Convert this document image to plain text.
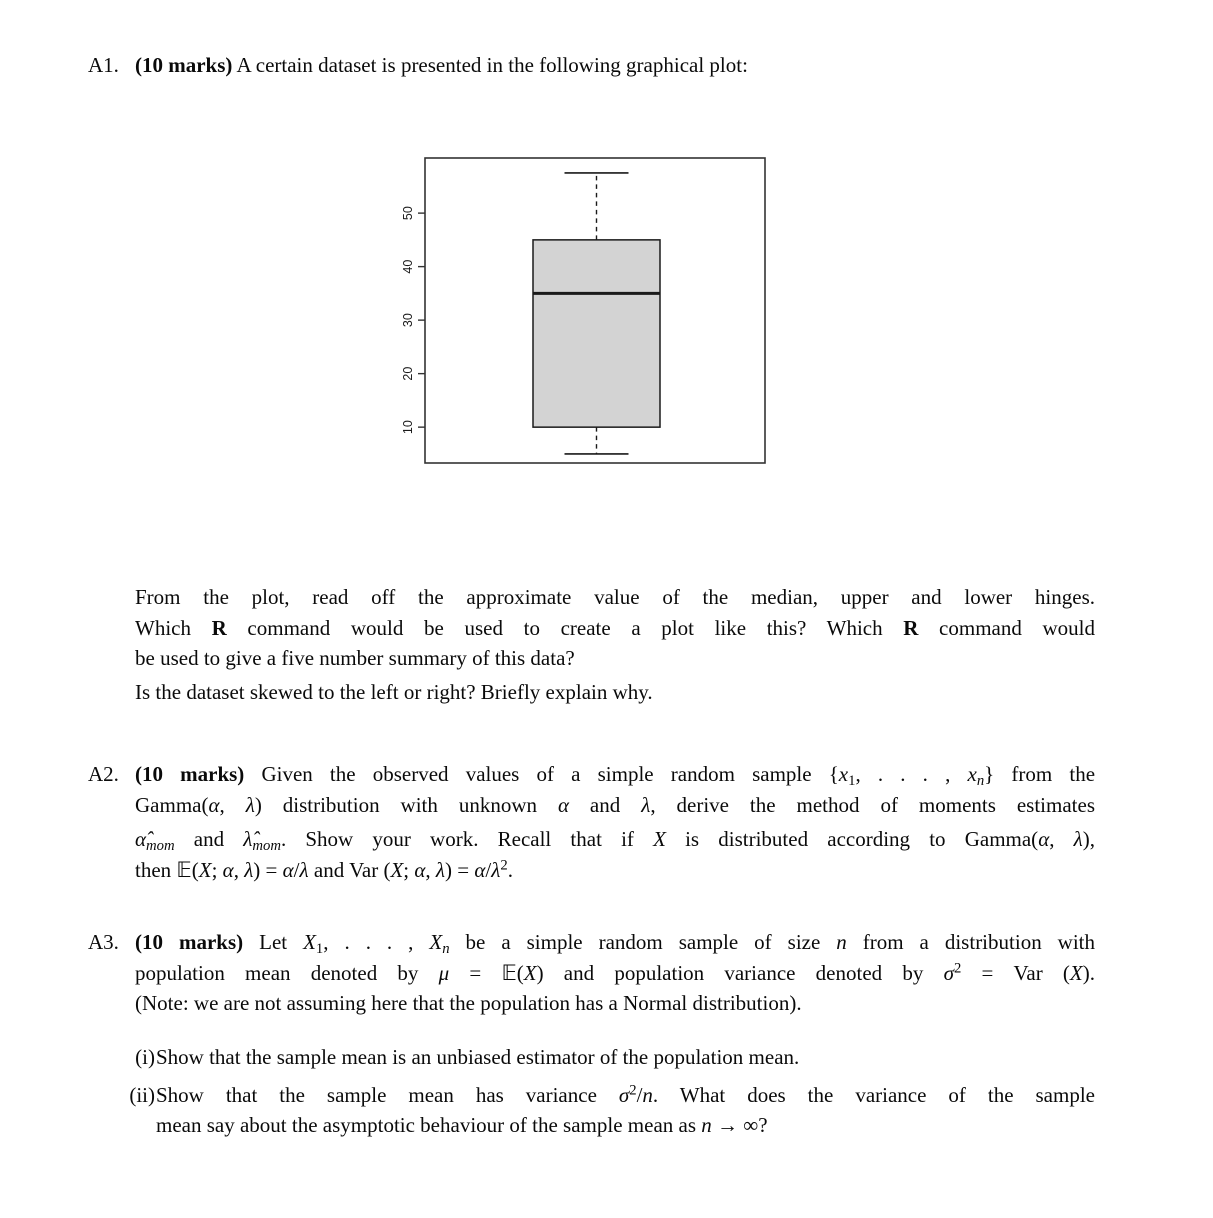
A1. (10 marks) A certain dataset is presented in the following graphical plot:
10
20
30
40
50
From the plot, read off the approximate value of the median, upper and lower hinges.
Which R command would be used to create a plot like this? Which R command would
be used to give a five number summary of this data?
Is the dataset skewed to the left or right? Briefly explain why.
A2. (10 marks) Given the observed values of a simple random sample {$x_1$, . . . , $x_n$} from the
Gamma(α, λ) distribution with unknown α and λ, derive the method of moments estimates
$\alphâ_{mom}$ and $\lambdâ_{mom}$. Show your work. Recall that if X is distributed according to Gamma(α, λ),
then 𝔼(X; α, λ) = α/λ and Var (X; α, $\lambda) = \alpha/\lambda^2$.
A3. (10 marks) Let $X_1$, . . . , $X_n$ be a simple random sample of size n from a distribution with
population mean denoted by μ = 𝔼(X) and population variance denoted by $\sigma^2$ = Var (X).
(Note: we are not assuming here that the population has a Normal distribution).
(i) Show that the sample mean is an unbiased estimator of the population mean.
(ii) Show that the sample mean has variance $\sigma^2/n$. What does the variance of the sample
mean say about the asymptotic behaviour of the sample mean as n → ∞?
